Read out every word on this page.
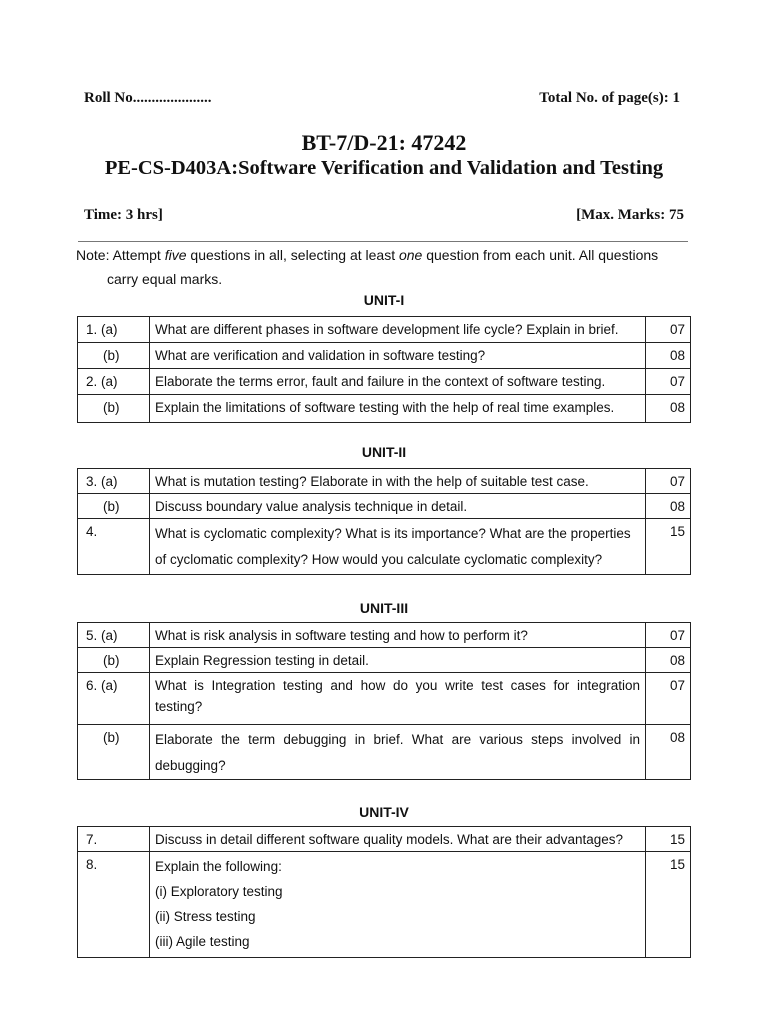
Roll No.....................	Total No. of page(s): 1
BT-7/D-21: 47242
PE-CS-D403A:Software Verification and Validation and Testing
Time: 3 hrs]	[Max. Marks: 75
Note: Attempt five questions in all, selecting at least one question from each unit. All questions
carry equal marks.
UNIT-I
1. (a)	What are different phases in software development life cycle? Explain in brief.	07
(b)	What are verification and validation in software testing?	08
2. (a)	Elaborate the terms error, fault and failure in the context of software testing.	07
(b)	Explain the limitations of software testing with the help of real time examples.	08
UNIT-II
3. (a)	What is mutation testing? Elaborate in with the help of suitable test case.	07
(b)	Discuss boundary value analysis technique in detail.	08
4.	What is cyclomatic complexity? What is its importance? What are the properties of cyclomatic complexity? How would you calculate cyclomatic complexity?	15
UNIT-III
5. (a)	What is risk analysis in software testing and how to perform it?	07
(b)	Explain Regression testing in detail.	08
6. (a)	What is Integration testing and how do you write test cases for integration testing?	07
(b)	Elaborate the term debugging in brief. What are various steps involved in debugging?	08
UNIT-IV
7.	Discuss in detail different software quality models. What are their advantages?	15
8.	Explain the following:
(i) Exploratory testing
(ii) Stress testing
(iii) Agile testing	15
